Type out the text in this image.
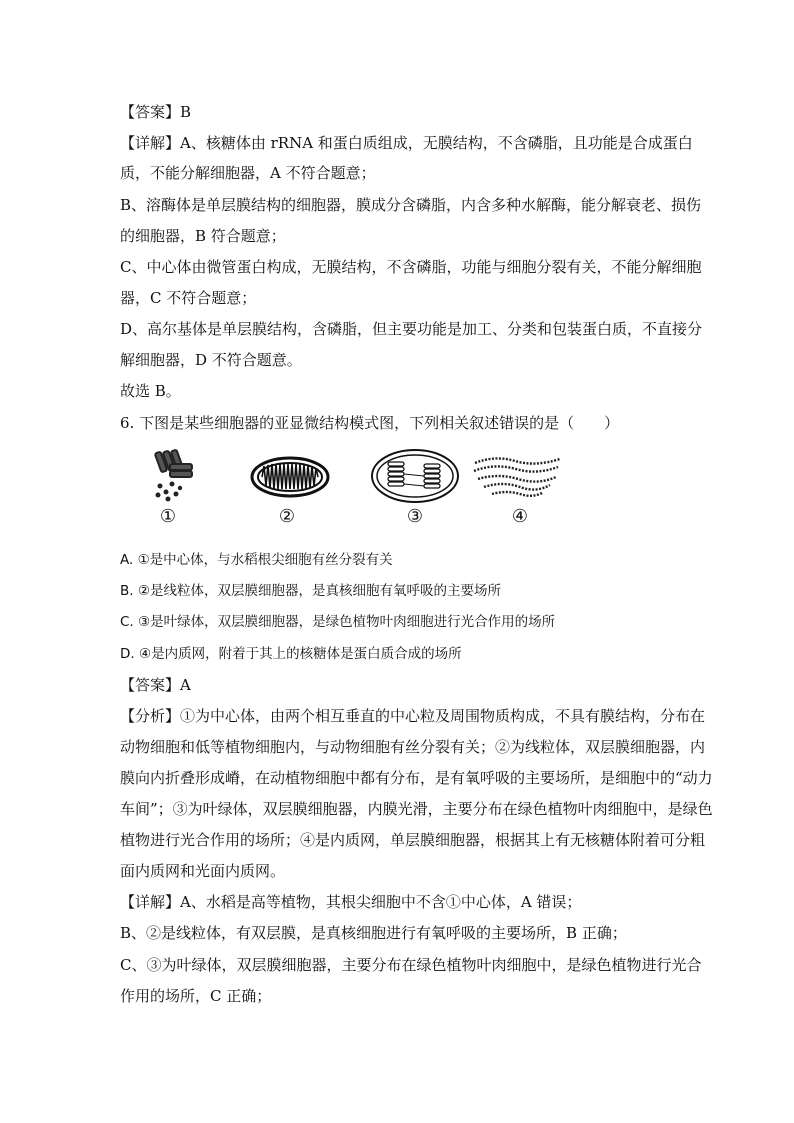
【答案】B
【详解】A、核糖体由 rRNA 和蛋白质组成，无膜结构，不含磷脂，且功能是合成蛋白
质，不能分解细胞器，A 不符合题意；
B、溶酶体是单层膜结构的细胞器，膜成分含磷脂，内含多种水解酶，能分解衰老、损伤
的细胞器，B 符合题意；
C、中心体由微管蛋白构成，无膜结构，不含磷脂，功能与细胞分裂有关，不能分解细胞
器，C 不符合题意；
D、高尔基体是单层膜结构，含磷脂，但主要功能是加工、分类和包装蛋白质，不直接分
解细胞器，D 不符合题意。
故选 B。
6. 下图是某些细胞器的亚显微结构模式图，下列相关叙述错误的是（　　）
①	②	③	④
A. ①是中心体，与水稻根尖细胞有丝分裂有关
B. ②是线粒体，双层膜细胞器，是真核细胞有氧呼吸的主要场所
C. ③是叶绿体，双层膜细胞器，是绿色植物叶肉细胞进行光合作用的场所
D. ④是内质网，附着于其上的核糖体是蛋白质合成的场所
【答案】A
【分析】①为中心体，由两个相互垂直的中心粒及周围物质构成，不具有膜结构，分布在
动物细胞和低等植物细胞内，与动物细胞有丝分裂有关；②为线粒体，双层膜细胞器，内
膜向内折叠形成嵴，在动植物细胞中都有分布，是有氧呼吸的主要场所，是细胞中的“动力
车间”；③为叶绿体，双层膜细胞器，内膜光滑，主要分布在绿色植物叶肉细胞中，是绿色
植物进行光合作用的场所；④是内质网，单层膜细胞器，根据其上有无核糖体附着可分粗
面内质网和光面内质网。
【详解】A、水稻是高等植物，其根尖细胞中不含①中心体，A 错误；
B、②是线粒体，有双层膜，是真核细胞进行有氧呼吸的主要场所，B 正确；
C、③为叶绿体，双层膜细胞器，主要分布在绿色植物叶肉细胞中，是绿色植物进行光合
作用的场所，C 正确；
